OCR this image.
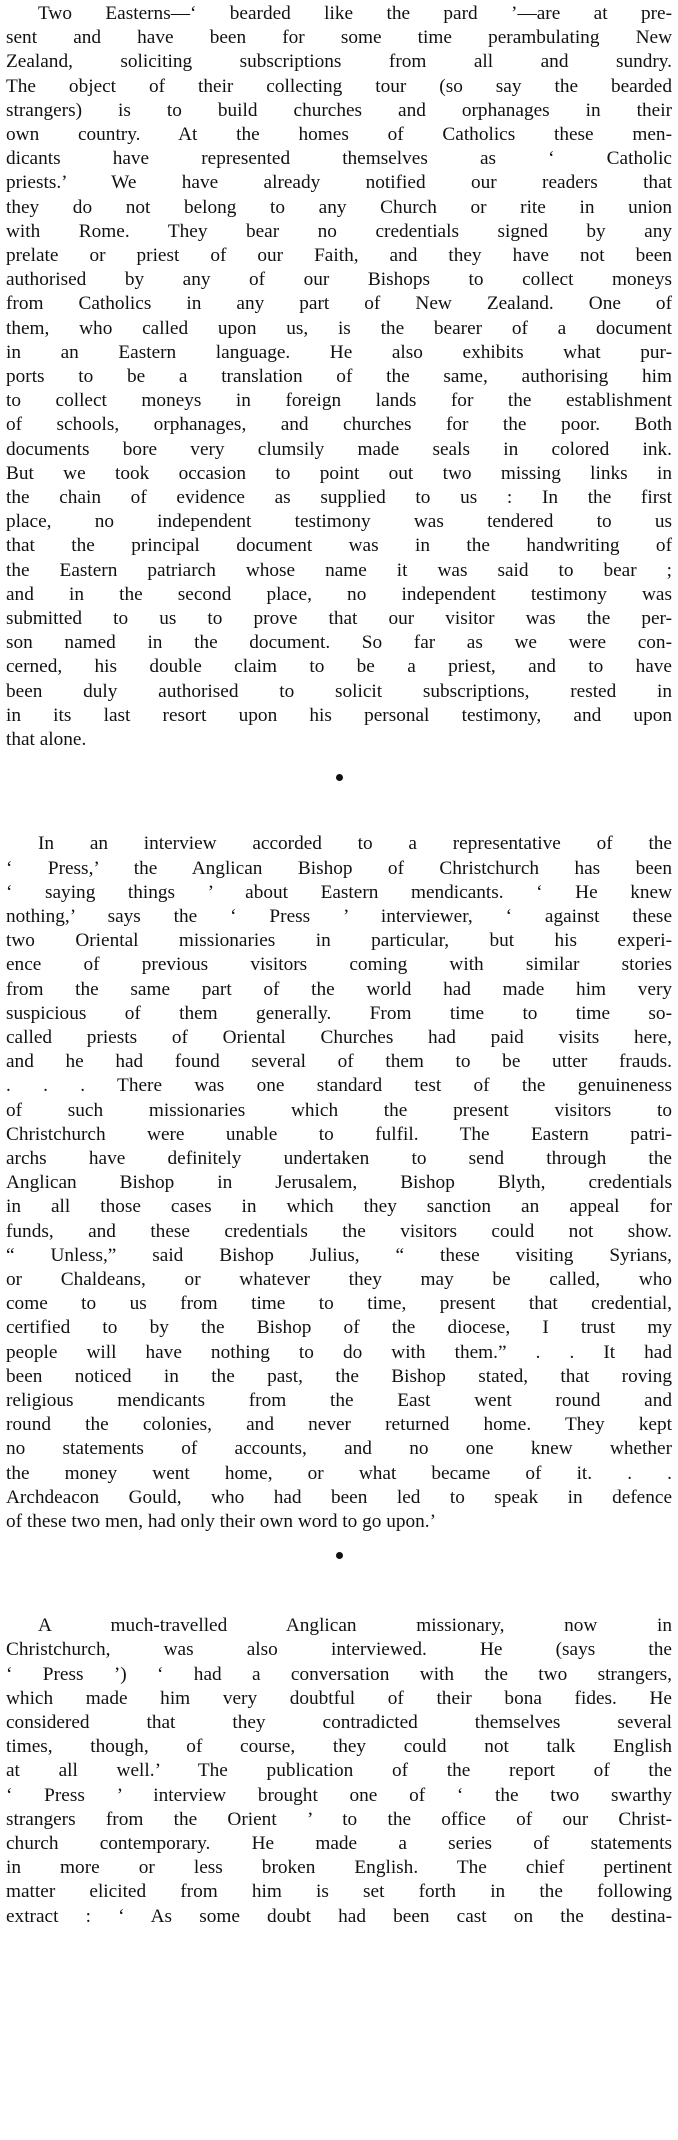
Two Easterns—‘ bearded like the pard ’—are at pre-
sent and have been for some time perambulating New
Zealand, soliciting subscriptions from all and sundry.
The object of their collecting tour (so say the bearded
strangers) is to build churches and orphanages in their
own country. At the homes of Catholics these men-
dicants have represented themselves as ‘ Catholic
priests.’ We have already notified our readers that
they do not belong to any Church or rite in union
with Rome. They bear no credentials signed by any
prelate or priest of our Faith, and they have not been
authorised by any of our Bishops to collect moneys
from Catholics in any part of New Zealand. One of
them, who called upon us, is the bearer of a document
in an Eastern language. He also exhibits what pur-
ports to be a translation of the same, authorising him
to collect moneys in foreign lands for the establishment
of schools, orphanages, and churches for the poor. Both
documents bore very clumsily made seals in colored ink.
But we took occasion to point out two missing links in
the chain of evidence as supplied to us : In the first
place, no independent testimony was tendered to us
that the principal document was in the handwriting of
the Eastern patriarch whose name it was said to bear ;
and in the second place, no independent testimony was
submitted to us to prove that our visitor was the per-
son named in the document. So far as we were con-
cerned, his double claim to be a priest, and to have
been duly authorised to solicit subscriptions, rested in
in its last resort upon his personal testimony, and upon
that alone.

In an interview accorded to a representative of the
‘ Press,’ the Anglican Bishop of Christchurch has been
‘ saying things ’ about Eastern mendicants. ‘ He knew
nothing,’ says the ‘ Press ’ interviewer, ‘ against these
two Oriental missionaries in particular, but his experi-
ence of previous visitors coming with similar stories
from the same part of the world had made him very
suspicious of them generally. From time to time so-
called priests of Oriental Churches had paid visits here,
and he had found several of them to be utter frauds.
. . . There was one standard test of the genuineness
of such missionaries which the present visitors to
Christchurch were unable to fulfil. The Eastern patri-
archs have definitely undertaken to send through the
Anglican Bishop in Jerusalem, Bishop Blyth, credentials
in all those cases in which they sanction an appeal for
funds, and these credentials the visitors could not show.
“ Unless,” said Bishop Julius, “ these visiting Syrians,
or Chaldeans, or whatever they may be called, who
come to us from time to time, present that credential,
certified to by the Bishop of the diocese, I trust my
people will have nothing to do with them.” . . It had
been noticed in the past, the Bishop stated, that roving
religious mendicants from the East went round and
round the colonies, and never returned home. They kept
no statements of accounts, and no one knew whether
the money went home, or what became of it. . .
Archdeacon Gould, who had been led to speak in defence
of these two men, had only their own word to go upon.’

A much-travelled Anglican missionary, now in
Christchurch, was also interviewed. He (says the
‘ Press ’) ‘ had a conversation with the two strangers,
which made him very doubtful of their bona fides. He
considered that they contradicted themselves several
times, though, of course, they could not talk English
at all well.’ The publication of the report of the
‘ Press ’ interview brought one of ‘ the two swarthy
strangers from the Orient ’ to the office of our Christ-
church contemporary. He made a series of statements
in more or less broken English. The chief pertinent
matter elicited from him is set forth in the following
extract : ‘ As some doubt had been cast on the destina-
